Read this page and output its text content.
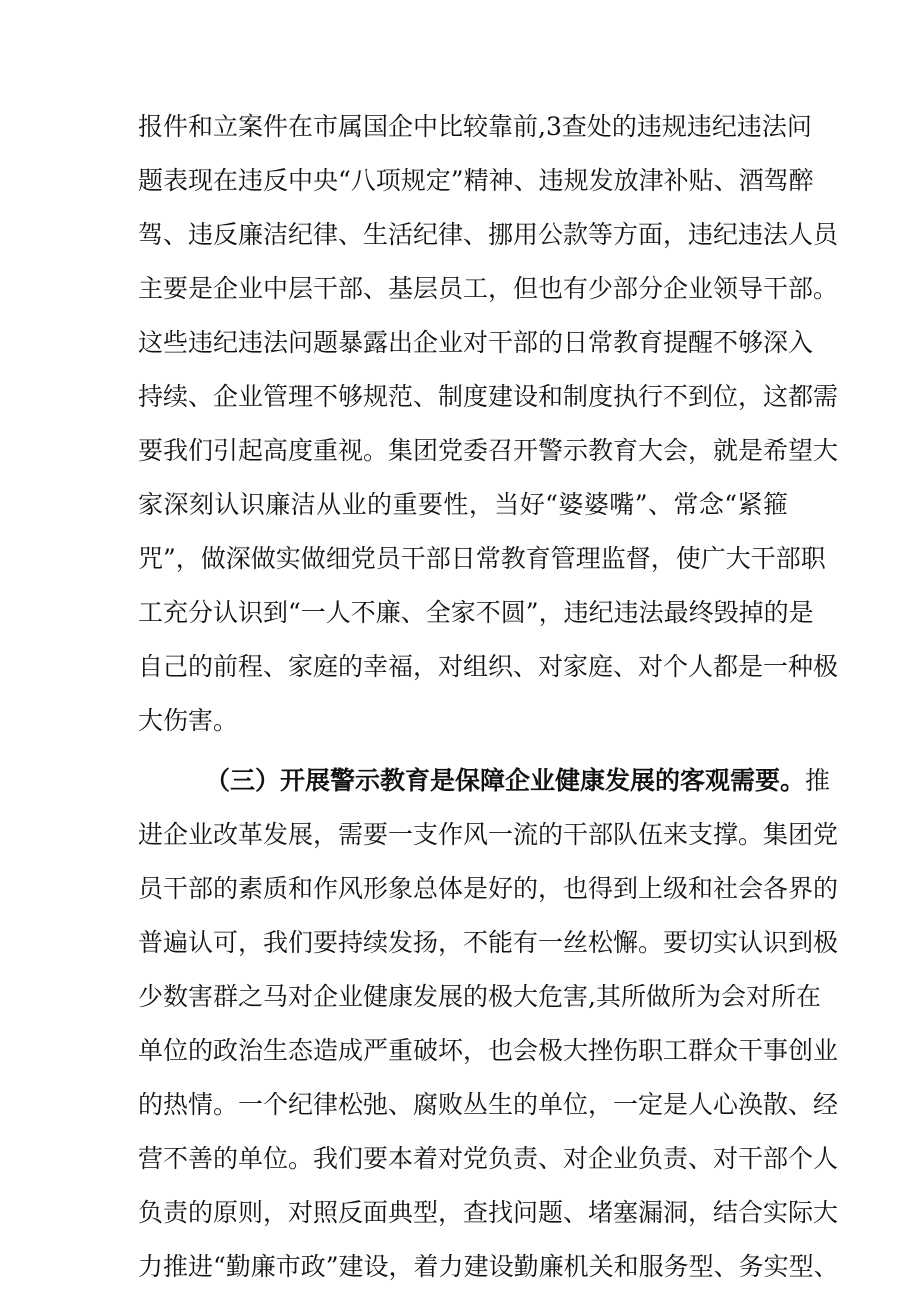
报件和立案件在市属国企中比较靠前,3查处的违规违纪违法问
题表现在违反中央“八项规定”精神、违规发放津补贴、酒驾醉
驾、违反廉洁纪律、生活纪律、挪用公款等方面，违纪违法人员
主要是企业中层干部、基层员工，但也有少部分企业领导干部。
这些违纪违法问题暴露出企业对干部的日常教育提醒不够深入
持续、企业管理不够规范、制度建设和制度执行不到位，这都需
要我们引起高度重视。集团党委召开警示教育大会，就是希望大
家深刻认识廉洁从业的重要性，当好“婆婆嘴”、常念“紧箍
咒”，做深做实做细党员干部日常教育管理监督，使广大干部职
工充分认识到“一人不廉、全家不圆”，违纪违法最终毁掉的是
自己的前程、家庭的幸福，对组织、对家庭、对个人都是一种极
大伤害。
（三）开展警示教育是保障企业健康发展的客观需要。推
进企业改革发展，需要一支作风一流的干部队伍来支撑。集团党
员干部的素质和作风形象总体是好的，也得到上级和社会各界的
普遍认可，我们要持续发扬，不能有一丝松懈。要切实认识到极
少数害群之马对企业健康发展的极大危害,其所做所为会对所在
单位的政治生态造成严重破坏，也会极大挫伤职工群众干事创业
的热情。一个纪律松弛、腐败丛生的单位，一定是人心涣散、经
营不善的单位。我们要本着对党负责、对企业负责、对干部个人
负责的原则，对照反面典型，查找问题、堵塞漏洞，结合实际大
力推进“勤廉市政”建设，着力建设勤廉机关和服务型、务实型、
